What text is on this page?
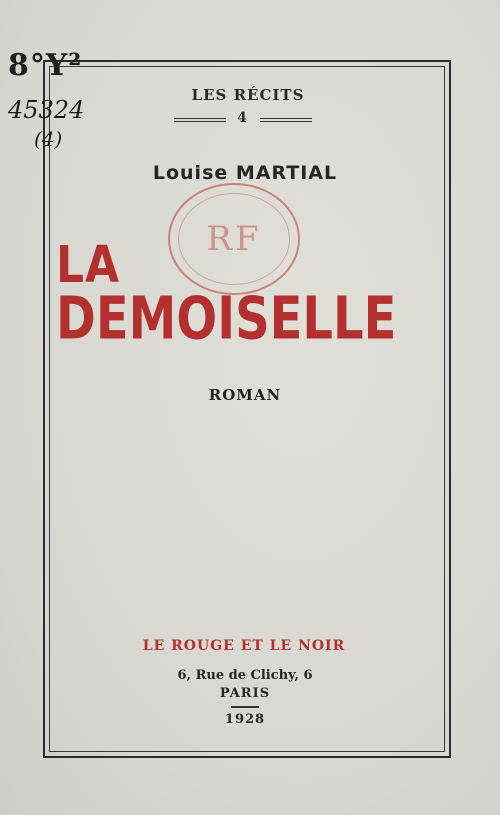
8°Y²
45324
(4)
LES RÉCITS
4
Louise MARTIAL
RF
LA
DEMOISELLE
ROMAN
LE ROUGE ET LE NOIR
6, Rue de Clichy, 6
PARIS
1928
